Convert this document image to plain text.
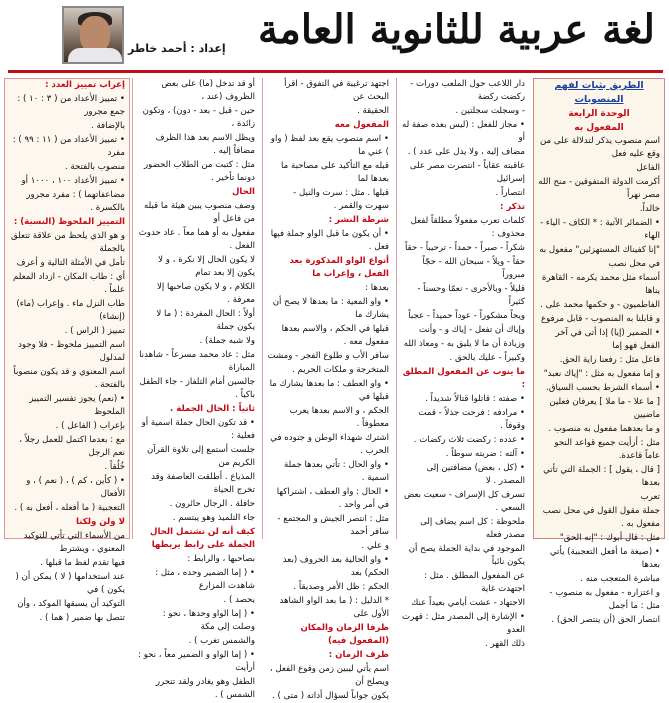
لغة عربية للثانوية العامة
إعداد : أحمد خاطر
الطريق بثبات لفهم المنصوبات
الوحدة الرابعة
المفعول به
اسم منصوب يذكر لتدلالة على من وقع عليه فعل
الفاعل
أكرمت الدولة المتفوقين - منح الله مصر نهراً
خالداً.
• الضمائر الآتية : * الكاف - الياء - الهاء
"إنا كفيناك المستهزئين" مفعول به
في محل نصب
أسماء مثل محمد يكرمه - القاهرة يناها
الفاطميون - و حكمها محمد على .
و قابلنا به المنصوب - قابل مرفوع
• الضمير (إيا) إذا أتى في آخر الفعل فهو إما
فاعل مثل : رفعنا راية الحق.
و إما مفعول به مثل : "إياك نعبد"
• أسماء الشرط بحسب السياق.
[ ما علا - ما ملا ] يعرفان فعلين ماضيين
و ما بعدهما مفعول به منصوب .
مثل : أرأيت جميع قواعد النحو عاماً قاعدة.
[ قال ، يقول ] : الجملة التي تأتي بعدها
تعرب
جملة مقول القول في محل نصب مفعول به .
مثل : قال أبوك : "إنه الحق"
• (صيغة ما أفعل التعجبية) يأتي بعدها
مباشرة المتعجب منه .
و اعتزاره - مفعول به منصوب - مثل : ما أجمل
انتصار الحق (أن ينتصر الحق) .
دار اللاعب حول الملعب دورات - ركضت ركضة
- وسجلت سجلتين .
• مجاز للفعل : (ليس بعده صفة له أو
مضاف إليه ، ولا يدل على عدد ) .
عاقبته عقاباً - انتصرت مصر على إسرائيل
انتصاراً .
تذكر :
كلمات تعرب مفعولاً مطلقاً لفعل محذوف :
شكراً - صبراً - حمداً - ترحيباً - حقاً
حقاً - ويلاً - سبحان الله - حجّاً مبروراً
قليلاً - وبالأحرى - نعمّا وحسناً - كثيراً
ويحاً مشكوراً - عوداً حميداً - عجباً
وإياك أن تفعل - إياك و - وأنت
وزيادة أن ما لا يليق به - ومعاذ الله
وكبيراً - عليك بالحق .
ما ينوب عن المفعول المطلق :
• صفته : قاتلوا قتالاً شديداً .
• مرادفه : فرحت جذلاً - قمت وقوفاً .
• عدده : ركضت ثلاث ركضات .
• آلته : ضربته سوطاً .
• (كل ، بعض) مضافتين إلى المصدر . لا
تسرف كل الإسراف - سعيت بعض السعي .
ملحوظة : كل اسم يضاف إلى مصدر فعله
الموجود في بداية الجملة يصح أن يكون نائباً
عن المفعول المطلق . مثل : اجتهدت غاية
الاجتهاد - عشت أيامي بعيداً عنك
• الإشارة إلى المصدر مثل : قهرت العدو
ذلك القهر .
اجتهد ترغيبة في التفوق - اقرأ البحث عن
الحقيقة .
المفعول معه
• اسم منصوب يقع بعد لفظ ( واو ) عني ما
قبله مع التأكيد على مصاحبة ما بعدها لما
قبلها . مثل : سرت والنيل - سهرت والقمر .
شرطة النشر :
• أن يكون ما قبل الواو جملة فيها فعل .
أنواع الواو المذكورة بعد الفعل ، وإعراب ما
بعدها :
• واو المعية : ما بعدها لا يصح أن يشارك ما
قبلها في الحكم ، والاسم بعدها مفعول معه .
سافر الأب و طلوع الفجر - ومشت
المتخرجة و ملكات الحريم .
• واو العطف : ما بعدها يشارك ما قبلها في
الحكم ، و الاسم بعدها يعرب معطوفاً .
اشترك شهداء الوطن و جنوده في الحرب .
• واو الحال : تأتي بعدها جملة اسمية .
• الحال : واو العطف ، اشتراكها في أمر واحد .
مثل : انتصر الجيش و المجتمع - سافر أحمد
و علي .
• واو الحالية بعد الحروف (بعد الحكم) بعد
الحكم : ظل الأمر وصديقاً .
* الدليل : ( ما بعد الواو الشاهد الأول على
ظرفا الزمان والمكان (المفعول فيه)
ظرف الزمان :
اسم يأتي ليبين زمن وقوع الفعل ، ويصلح أن
يكون جواباً لسؤال أداته ( متى ) .
أو قد تدخل (ما) على بعض الظروف (عند ،
حين - قبل - بعد - دون) ، وتكون زائدة ،
ويظل الاسم بعد هذا الظرف مضافاً إليه .
مثل : كتبت من الطلاب الحضور دونما تأخير .
الحال
وصف منصوب يبين هيئة ما قبله من فاعل أو
مفعول به أو هما معاً . عاد حدوث الفعل .
لا يكون الحال إلا نكرة ، و لا يكون إلا بعد تمام
الكلام ، و لا يكون صاحبها إلا معرفة .
أولاً : الحال المفردة : ( ما لا يكون جملة
ولا شبه جملة) .
مثل : عاد محمد مسرعاً - شاهدنا المباراة
جالسين أمام التلفاز - جاء الطفل باكياً .
ثانياً : الحال الجملة .
• قد تكون الحال جملة اسمية أو فعلية :
جلست أستمع إلى تلاوة القرآن الكريم من
المذياع . أطلقت العاصفة وقد تخرج الحياة
حافلة . الرجال حائرون .
جاء التلميذ وهو يبتسم .
كيف أنه لن تشتمل الحال الجملة على رابط يربطها
بصاحبها ، والرابط :
• ( إما الضمير وحده ، مثل : شاهدت المزارع
يحصد ) .
• ( إما الواو وحدها ، نحو : وصلت إلى مكة
والشمس تغرب ) .
• ( إما الواو و الضمير معاً ، نحو : أرأيت
الطفل وهو يغادر ولقد تتحرر الشمس ) .
إعراب تمييز العدد :
• تمييز الأعداد من ( ٣ : ١٠ ) : جمع مجرور
بالإضافة .
• تمييز الأعداد من ( ١١ : ٩٩ ) : مفرد
منصوب بالفتحة .
• تمييز الأعداد ١٠٠ ، ١٠٠٠ أو
مضاعفاتهما ) : مفرد مجرور بالكسرة .
التمييز الملحوظ (النسبة) :
و هو الذي يلحظ من علاقة تتعلق بالجملة
تأمل في الأمثلة التالية و أعرف
أي : طاب المكان - ازداد المعلم علماً .
طاب النزل ماء . وإعراب (ماء) (إنشاء)
تمييز ( الراس ) .
اسم التمييز ملحوظ - فلا وجود لمدلول
اسم المعنوي و قد يكون منصوباً بالفتحة .
• (نعم) يجوز تفسير التمييز الملحوظ
بإعراب ( الفاعل ) .
مع : بعدما اكتمل للعمل رجلاً ، نعم الرجل
خُلُقاً .
• ( كأين ، كم ) ، ( نعم ) ، و الأفعال
التعجبية ( ما أفعله ، أفعل به ) .
لا ولن ولكنا
من الأسماء التي تأتي للتوكيد المعنوي ، ويشترط
فيها تقدم لفظ ما قبلها .
عند استخدامها ( لا ) يمكن أن ( يكون ) في
التوكيد أن يسبقها الموكد ، وأن
تتصل بها ضمير ( هما ) .
